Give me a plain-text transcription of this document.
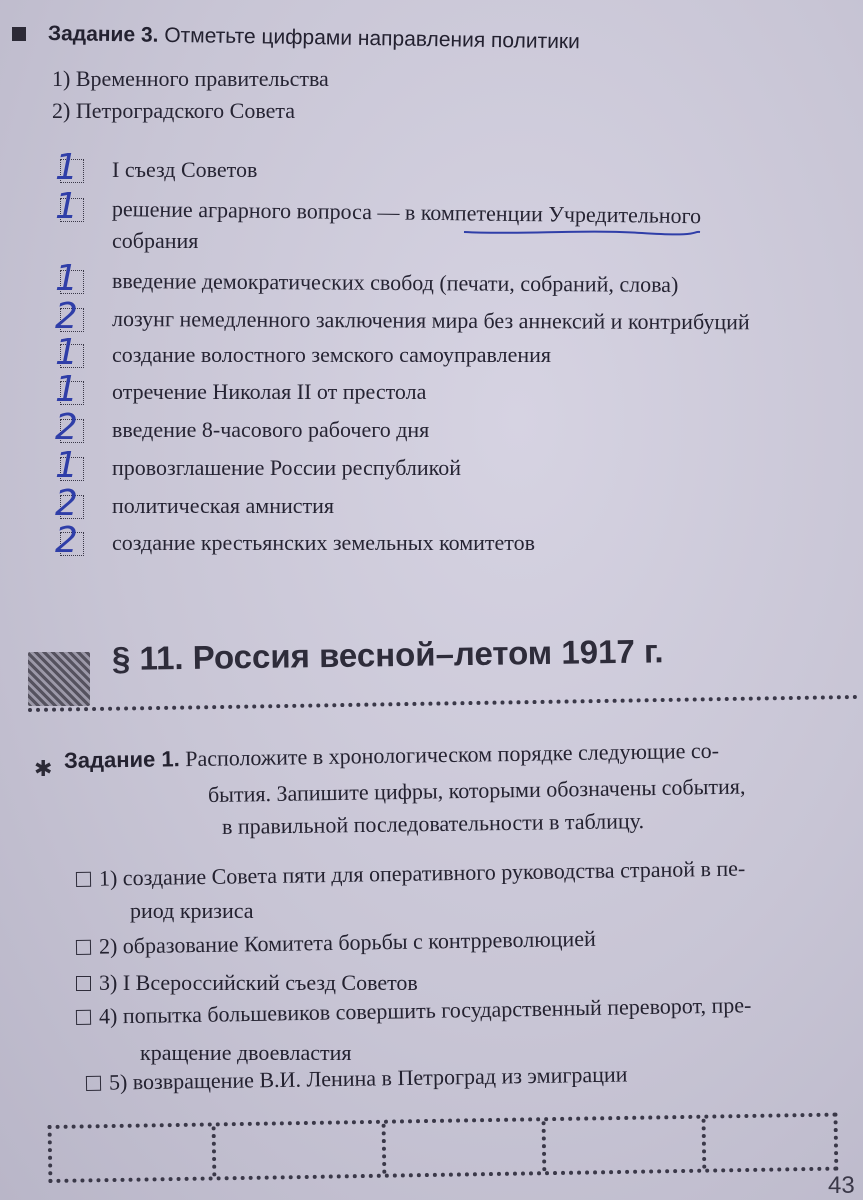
Задание 3. Отметьте цифрами направления политики
1) Временного правительства
2) Петроградского Совета
1 I съезд Советов
1 решение аграрного вопроса — в компетенции Учредительного
собрания
1 введение демократических свобод (печати, собраний, слова)
2 лозунг немедленного заключения мира без аннексий и контрибуций
1 создание волостного земского самоуправления
1 отречение Николая II от престола
2 введение 8-часового рабочего дня
1 провозглашение России республикой
2 политическая амнистия
2 создание крестьянских земельных комитетов
§ 11. Россия весной–летом 1917 г.
✱ Задание 1. Расположите в хронологическом порядке следующие со-
бытия. Запишите цифры, которыми обозначены события,
в правильной последовательности в таблицу.
1) создание Совета пяти для оперативного руководства страной в пе-
риод кризиса
2) образование Комитета борьбы с контрреволюцией
3) I Всероссийский съезд Советов
4) попытка большевиков совершить государственный переворот, пре-
кращение двоевластия
5) возвращение В.И. Ленина в Петроград из эмиграции
43
